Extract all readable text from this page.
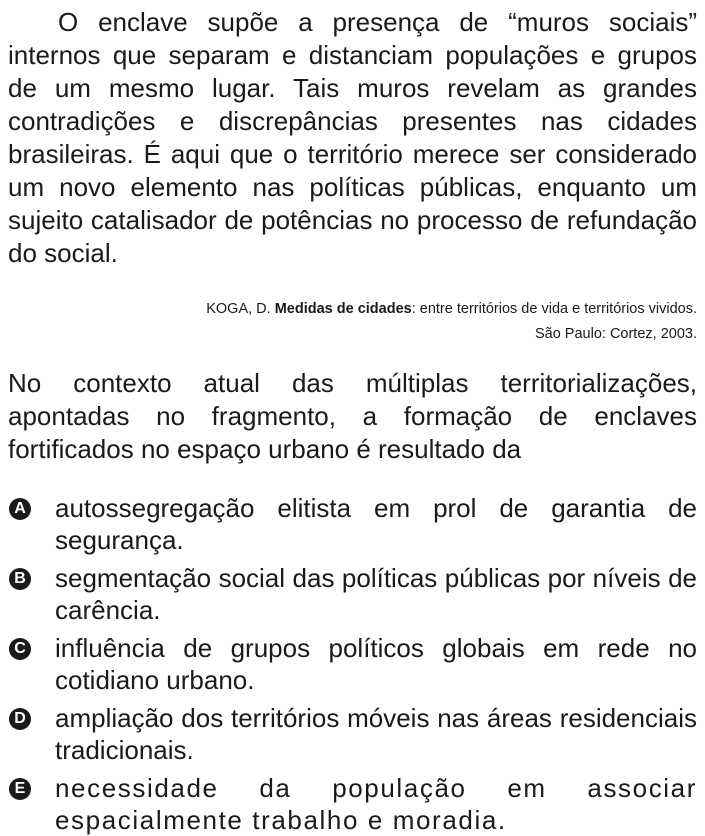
O enclave supõe a presença de “muros sociais” internos que separam e distanciam populações e grupos de um mesmo lugar. Tais muros revelam as grandes contradições e discrepâncias presentes nas cidades brasileiras. É aqui que o território merece ser considerado um novo elemento nas políticas públicas, enquanto um sujeito catalisador de potências no processo de refundação do social.

KOGA, D. Medidas de cidades: entre territórios de vida e territórios vividos.
São Paulo: Cortez, 2003.

No contexto atual das múltiplas territorializações, apontadas no fragmento, a formação de enclaves fortificados no espaço urbano é resultado da

A autossegregação elitista em prol de garantia de segurança.
B segmentação social das políticas públicas por níveis de carência.
C influência de grupos políticos globais em rede no cotidiano urbano.
D ampliação dos territórios móveis nas áreas residenciais tradicionais.
E necessidade da população em associar espacialmente trabalho e moradia.
